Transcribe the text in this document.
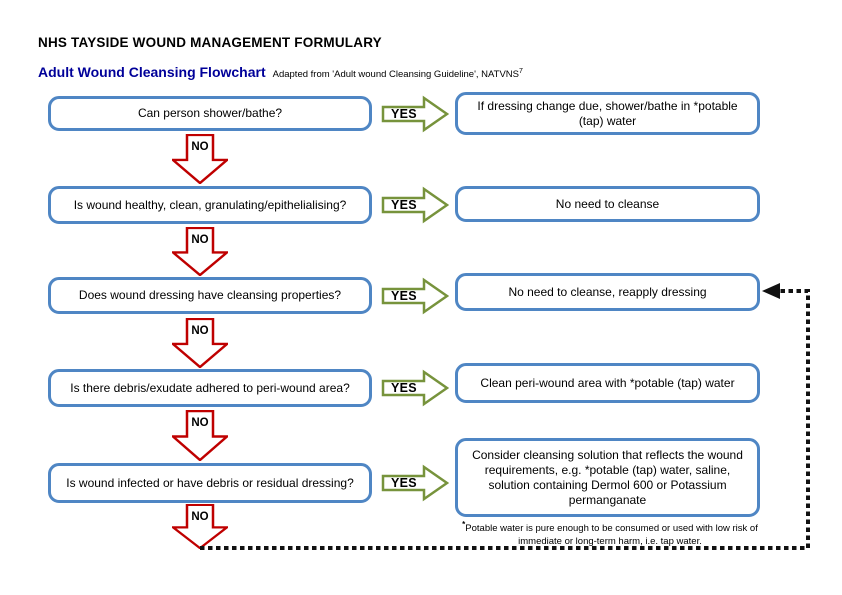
NHS TAYSIDE WOUND MANAGEMENT FORMULARY
Adult Wound Cleansing Flowchart Adapted from 'Adult wound Cleansing Guideline', NATVNS$^7$
Can person shower/bathe?
Is wound healthy, clean, granulating/epithelialising?
Does wound dressing have cleansing properties?
Is there debris/exudate adhered to peri-wound area?
Is wound infected or have debris or residual dressing?
If dressing change due, shower/bathe in *potable (tap) water
No need to cleanse
No need to cleanse, reapply dressing
Clean peri-wound area with *potable (tap) water
Consider cleansing solution that reflects the wound requirements, e.g. *potable (tap) water, saline, solution containing Dermol 600 or Potassium permanganate
YES
YES
YES
YES
YES
NO
NO
NO
NO
NO
*Potable water is pure enough to be consumed or used with low risk of immediate or long-term harm, i.e. tap water.
